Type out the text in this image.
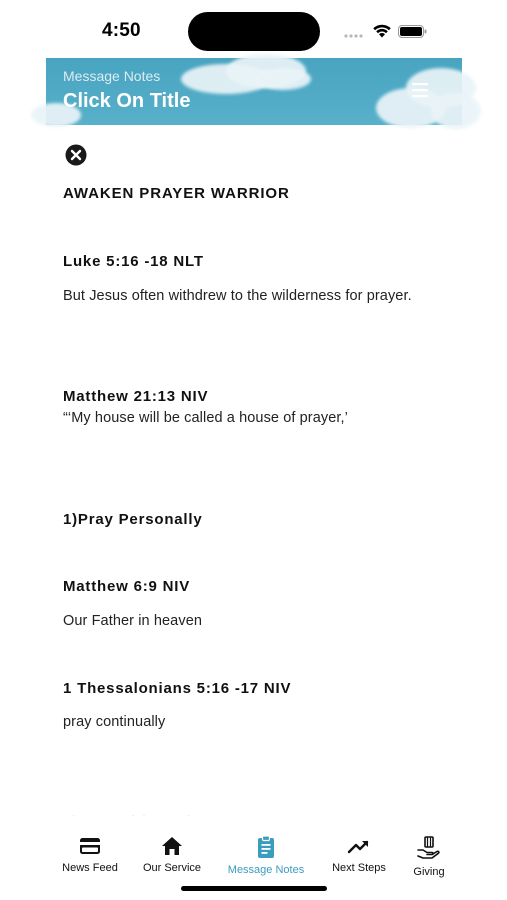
4:50
Message Notes
Click On Title
AWAKEN PRAYER WARRIOR
Luke 5:16 -18 NLT
But Jesus often withdrew to the wilderness for prayer.
Matthew 21:13 NIV
“‘My house will be called a house of prayer,’
1)Pray Personally
Matthew 6:9 NIV
Our Father in heaven
1 Thessalonians 5:16 -17 NIV
pray continually
News Feed	Our Service	Message Notes	Next Steps	Giving
